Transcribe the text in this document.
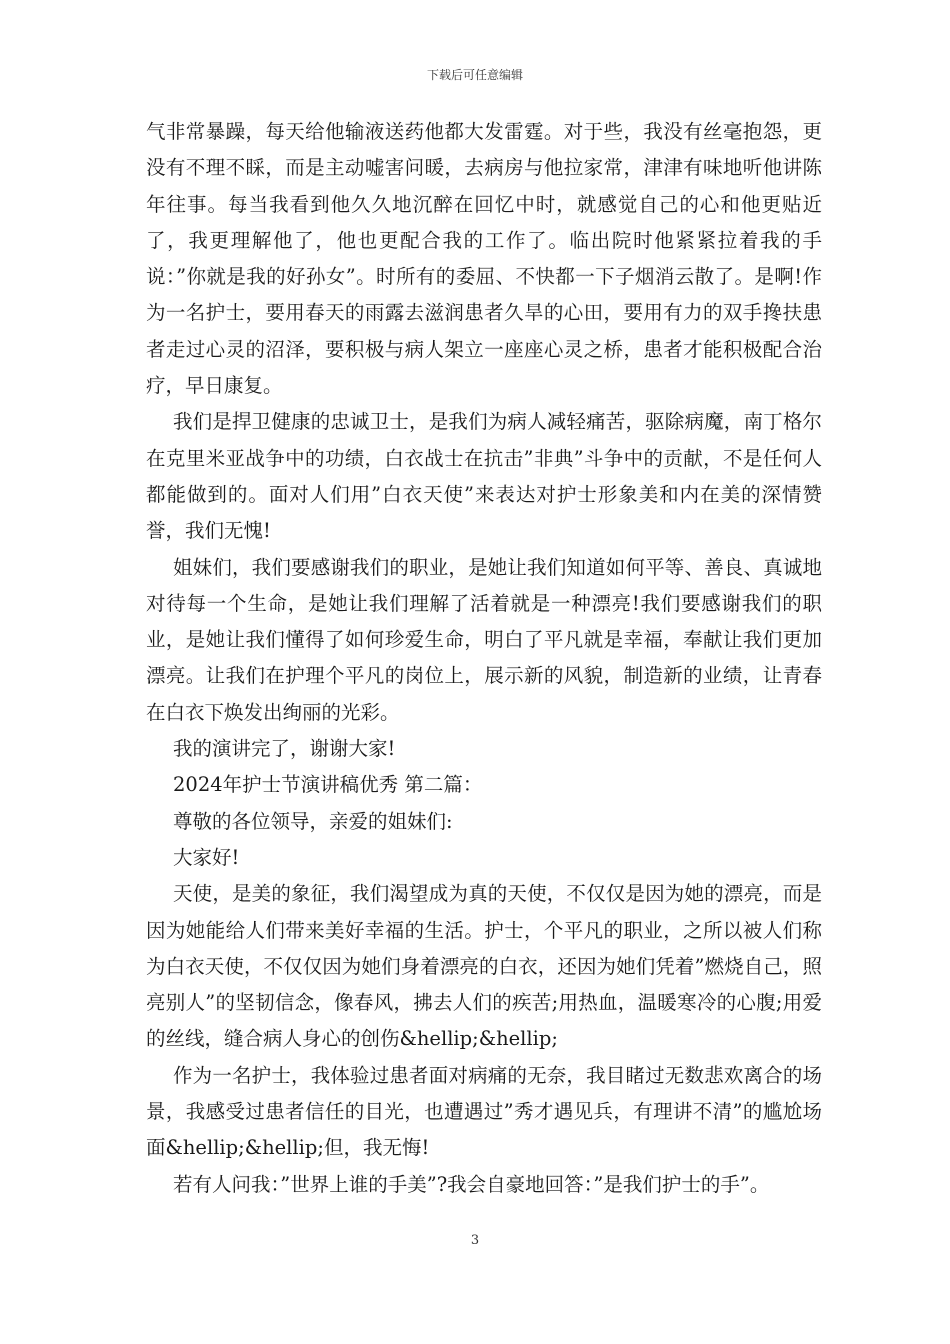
下载后可任意编辑

气非常暴躁，每天给他输液送药他都大发雷霆。对于些，我没有丝毫抱怨，更没有不理不睬，而是主动嘘害问暖，去病房与他拉家常，津津有味地听他讲陈年往事。每当我看到他久久地沉醉在回忆中时，就感觉自己的心和他更贴近了，我更理解他了，他也更配合我的工作了。临出院时他紧紧拉着我的手说：”你就是我的好孙女”。时所有的委屈、不快都一下子烟消云散了。是啊!作为一名护士，要用春天的雨露去滋润患者久旱的心田，要用有力的双手搀扶患者走过心灵的沼泽，要积极与病人架立一座座心灵之桥，患者才能积极配合治疗，早日康复。

我们是捍卫健康的忠诚卫士，是我们为病人减轻痛苦，驱除病魔，南丁格尔在克里米亚战争中的功绩，白衣战士在抗击”非典”斗争中的贡献，不是任何人都能做到的。面对人们用”白衣天使”来表达对护士形象美和内在美的深情赞誉，我们无愧!

姐妹们，我们要感谢我们的职业，是她让我们知道如何平等、善良、真诚地对待每一个生命，是她让我们理解了活着就是一种漂亮!我们要感谢我们的职业，是她让我们懂得了如何珍爱生命，明白了平凡就是幸福，奉献让我们更加漂亮。让我们在护理个平凡的岗位上，展示新的风貌，制造新的业绩，让青春在白衣下焕发出绚丽的光彩。

我的演讲完了，谢谢大家!

2024年护士节演讲稿优秀 第二篇：

尊敬的各位领导，亲爱的姐妹们:

大家好!

天使，是美的象征，我们渴望成为真的天使，不仅仅是因为她的漂亮，而是因为她能给人们带来美好幸福的生活。护士，个平凡的职业，之所以被人们称为白衣天使，不仅仅因为她们身着漂亮的白衣，还因为她们凭着”燃烧自己，照亮别人”的坚韧信念，像春风，拂去人们的疾苦;用热血，温暖寒冷的心腹;用爱的丝线，缝合病人身心的创伤&hellip;&hellip;

作为一名护士，我体验过患者面对病痛的无奈，我目睹过无数悲欢离合的场景，我感受过患者信任的目光，也遭遇过”秀才遇见兵，有理讲不清”的尴尬场面&hellip;&hellip;但，我无悔!

若有人问我：”世界上谁的手美”?我会自豪地回答：”是我们护士的手”。

3
